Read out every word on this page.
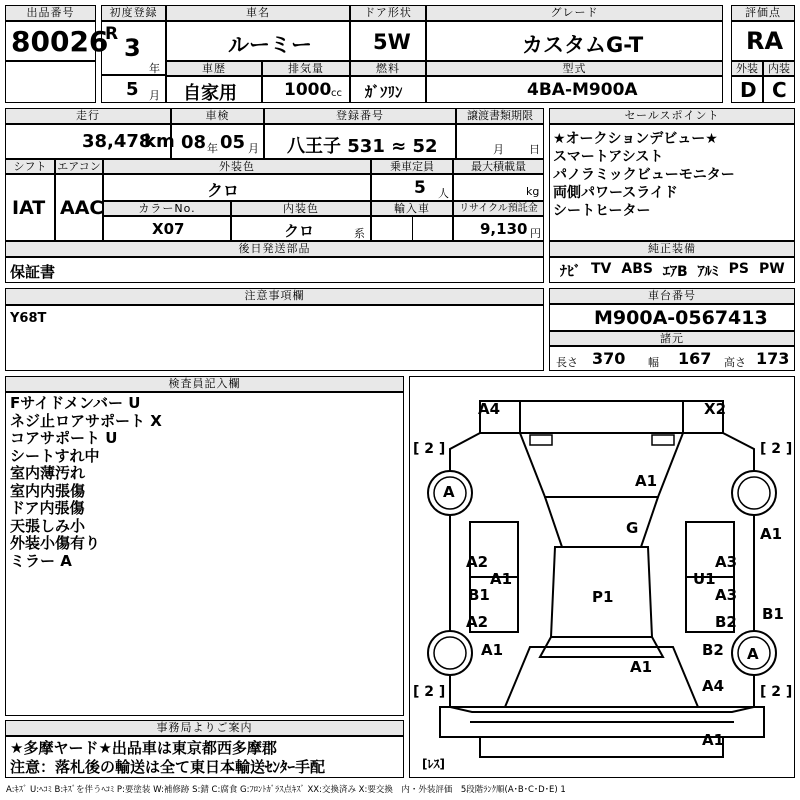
出品番号
80026
初度登録
R 3
年
5 月
車名
ルーミー
ドア形状
5W
グレード
カスタムG-T
評価点
RA
車歴
自家用
排気量
1000 cc
燃料
ｶﾞｿﾘﾝ
型式
4BA-M900A
外装 内装
D C
走行
38,478
km
車検
08 年 05 月
登録番号
八王子 531 ≈ 52
譲渡書類期限
月 日
シフト
IAT
エアコン
AAC
外装色
クロ
乗車定員
5 人
最大積載量
kg
カラーNo.
X07
内装色
クロ	系
輸入車	リサイクル預託金
9,130 円
後日発送部品
保証書
セールスポイント
★オークションデビュー★
スマートアシスト
パノラミックビューモニター
両側パワースライド
シートヒーター
純正装備
ﾅﾋﾞ TV ABS ｴｱB ｱﾙﾐ PS PW
注意事項欄
Y68T
車台番号
M900A-0567413
諸元
長さ 370 幅 167 高さ 173
検査員記入欄
Fサイドメンバー U
ネジ止ロアサポート X
コアサポート U
シートすれ中
室内薄汚れ
室内内張傷
ドア内張傷
天張しみ小
外装小傷有り
ミラー A
事務局よりご案内
★多摩ヤード★出品車は東京都西多摩郡
注意：落札後の輸送は全て東日本輸送ｾﾝﾀｰ手配
A:ｷｽﾞ U:ﾍｺﾐ B:ｷｽﾞを伴うﾍｺﾐ P:要塗装 W:補修跡 S:錆 C:腐食 G:ﾌﾛﾝﾄｶﾞﾗｽ点ｷｽﾞ XX:交換済み X:要交換　内・外装評価　5段階ﾗﾝｸ順(A･B･C･D･E) 1
[ 2 ]	[ 2 ]
[ 2 ]	[ 2 ]
[ﾚｽ]
A4	X2
A
A1
G	A1
A2
A1
A3
U1
B1
A2
A3
B2 B1
P1
A1	B2 A
A1
A4
A1
